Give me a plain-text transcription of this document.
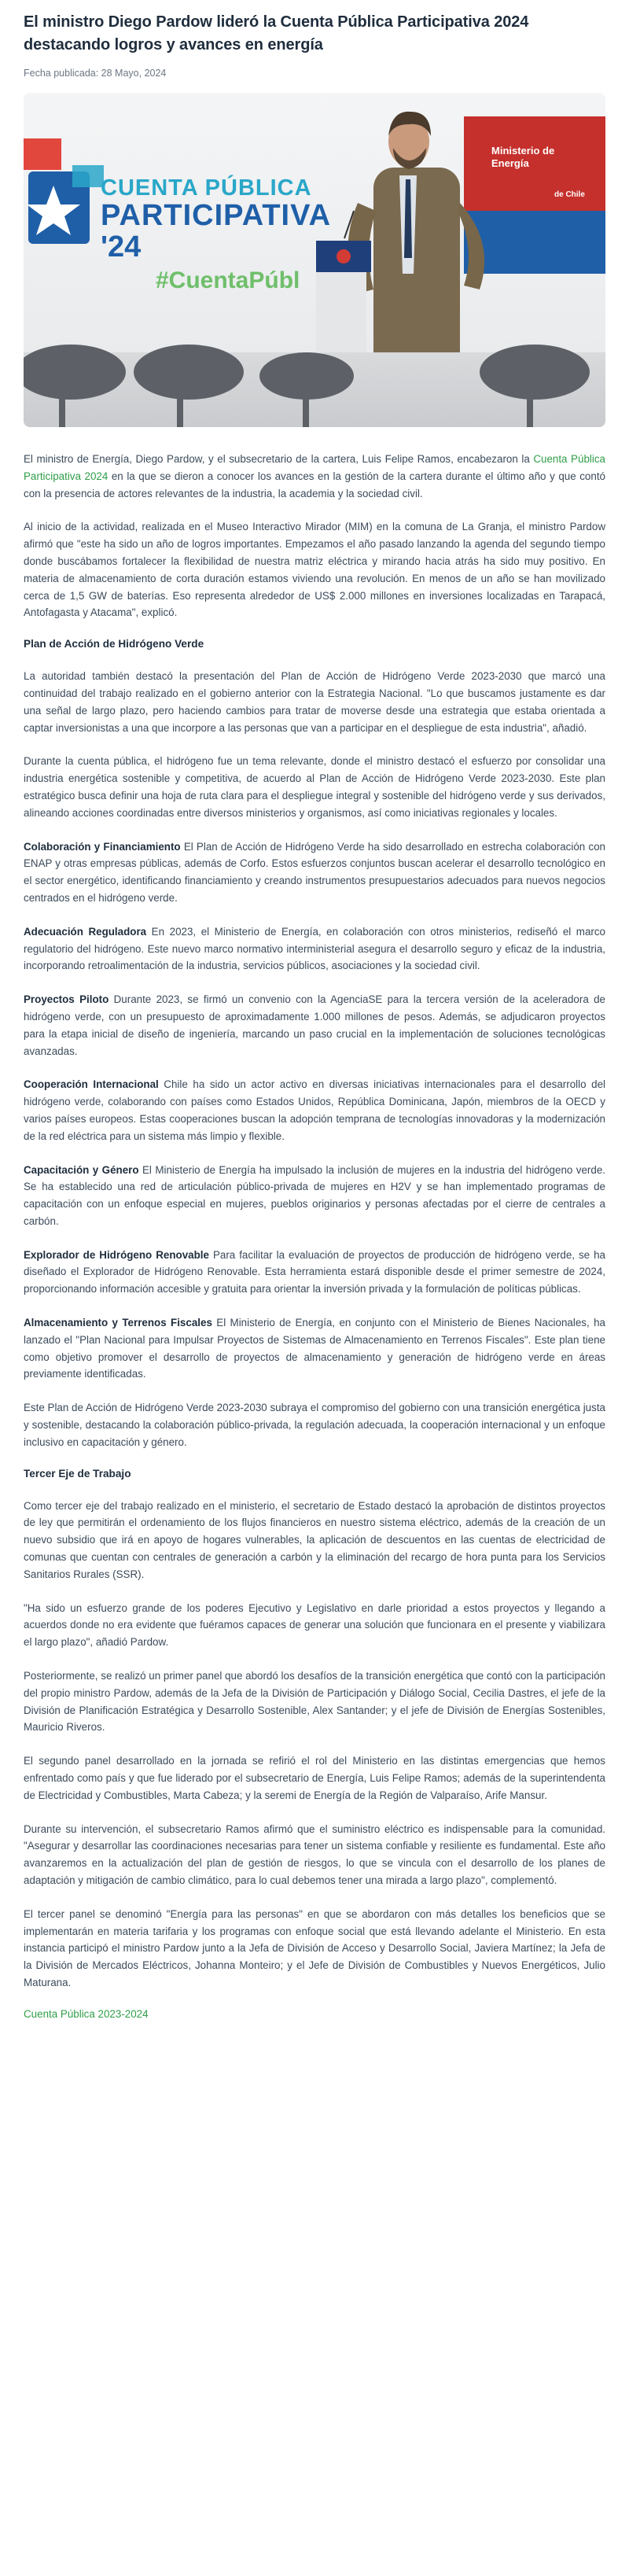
El ministro Diego Pardow lideró la Cuenta Pública Participativa 2024 destacando logros y avances en energía
Fecha publicada: 28 Mayo, 2024
CUENTA PÚBLICA
PARTICIPATIVA
'24
#CuentaPúbl
Ministerio de
Energía
de Chile

El ministro de Energía, Diego Pardow, y el subsecretario de la cartera, Luis Felipe Ramos, encabezaron la Cuenta Pública Participativa 2024 en la que se dieron a conocer los avances en la gestión de la cartera durante el último año y que contó con la presencia de actores relevantes de la industria, la academia y la sociedad civil.

Al inicio de la actividad, realizada en el Museo Interactivo Mirador (MIM) en la comuna de La Granja, el ministro Pardow afirmó que "este ha sido un año de logros importantes. Empezamos el año pasado lanzando la agenda del segundo tiempo donde buscábamos fortalecer la flexibilidad de nuestra matriz eléctrica y mirando hacia atrás ha sido muy positivo. En materia de almacenamiento de corta duración estamos viviendo una revolución. En menos de un año se han movilizado cerca de 1,5 GW de baterías. Eso representa alrededor de US$ 2.000 millones en inversiones localizadas en Tarapacá, Antofagasta y Atacama", explicó.

Plan de Acción de Hidrógeno Verde

La autoridad también destacó la presentación del Plan de Acción de Hidrógeno Verde 2023-2030 que marcó una continuidad del trabajo realizado en el gobierno anterior con la Estrategia Nacional. "Lo que buscamos justamente es dar una señal de largo plazo, pero haciendo cambios para tratar de moverse desde una estrategia que estaba orientada a captar inversionistas a una que incorpore a las personas que van a participar en el despliegue de esta industria", añadió.

Durante la cuenta pública, el hidrógeno fue un tema relevante, donde el ministro destacó el esfuerzo por consolidar una industria energética sostenible y competitiva, de acuerdo al Plan de Acción de Hidrógeno Verde 2023-2030. Este plan estratégico busca definir una hoja de ruta clara para el despliegue integral y sostenible del hidrógeno verde y sus derivados, alineando acciones coordinadas entre diversos ministerios y organismos, así como iniciativas regionales y locales.

Colaboración y Financiamiento El Plan de Acción de Hidrógeno Verde ha sido desarrollado en estrecha colaboración con ENAP y otras empresas públicas, además de Corfo. Estos esfuerzos conjuntos buscan acelerar el desarrollo tecnológico en el sector energético, identificando financiamiento y creando instrumentos presupuestarios adecuados para nuevos negocios centrados en el hidrógeno verde.

Adecuación Reguladora En 2023, el Ministerio de Energía, en colaboración con otros ministerios, rediseñó el marco regulatorio del hidrógeno. Este nuevo marco normativo interministerial asegura el desarrollo seguro y eficaz de la industria, incorporando retroalimentación de la industria, servicios públicos, asociaciones y la sociedad civil.

Proyectos Piloto Durante 2023, se firmó un convenio con la AgenciaSE para la tercera versión de la aceleradora de hidrógeno verde, con un presupuesto de aproximadamente 1.000 millones de pesos. Además, se adjudicaron proyectos para la etapa inicial de diseño de ingeniería, marcando un paso crucial en la implementación de soluciones tecnológicas avanzadas.

Cooperación Internacional Chile ha sido un actor activo en diversas iniciativas internacionales para el desarrollo del hidrógeno verde, colaborando con países como Estados Unidos, República Dominicana, Japón, miembros de la OECD y varios países europeos. Estas cooperaciones buscan la adopción temprana de tecnologías innovadoras y la modernización de la red eléctrica para un sistema más limpio y flexible.

Capacitación y Género El Ministerio de Energía ha impulsado la inclusión de mujeres en la industria del hidrógeno verde. Se ha establecido una red de articulación público-privada de mujeres en H2V y se han implementado programas de capacitación con un enfoque especial en mujeres, pueblos originarios y personas afectadas por el cierre de centrales a carbón.

Explorador de Hidrógeno Renovable Para facilitar la evaluación de proyectos de producción de hidrógeno verde, se ha diseñado el Explorador de Hidrógeno Renovable. Esta herramienta estará disponible desde el primer semestre de 2024, proporcionando información accesible y gratuita para orientar la inversión privada y la formulación de políticas públicas.

Almacenamiento y Terrenos Fiscales El Ministerio de Energía, en conjunto con el Ministerio de Bienes Nacionales, ha lanzado el "Plan Nacional para Impulsar Proyectos de Sistemas de Almacenamiento en Terrenos Fiscales". Este plan tiene como objetivo promover el desarrollo de proyectos de almacenamiento y generación de hidrógeno verde en áreas previamente identificadas.

Este Plan de Acción de Hidrógeno Verde 2023-2030 subraya el compromiso del gobierno con una transición energética justa y sostenible, destacando la colaboración público-privada, la regulación adecuada, la cooperación internacional y un enfoque inclusivo en capacitación y género.

Tercer Eje de Trabajo

Como tercer eje del trabajo realizado en el ministerio, el secretario de Estado destacó la aprobación de distintos proyectos de ley que permitirán el ordenamiento de los flujos financieros en nuestro sistema eléctrico, además de la creación de un nuevo subsidio que irá en apoyo de hogares vulnerables, la aplicación de descuentos en las cuentas de electricidad de comunas que cuentan con centrales de generación a carbón y la eliminación del recargo de hora punta para los Servicios Sanitarios Rurales (SSR).

"Ha sido un esfuerzo grande de los poderes Ejecutivo y Legislativo en darle prioridad a estos proyectos y llegando a acuerdos donde no era evidente que fuéramos capaces de generar una solución que funcionara en el presente y viabilizara el largo plazo", añadió Pardow.

Posteriormente, se realizó un primer panel que abordó los desafíos de la transición energética que contó con la participación del propio ministro Pardow, además de la Jefa de la División de Participación y Diálogo Social, Cecilia Dastres, el jefe de la División de Planificación Estratégica y Desarrollo Sostenible, Alex Santander; y el jefe de División de Energías Sostenibles, Mauricio Riveros.

El segundo panel desarrollado en la jornada se refirió el rol del Ministerio en las distintas emergencias que hemos enfrentado como país y que fue liderado por el subsecretario de Energía, Luis Felipe Ramos; además de la superintendenta de Electricidad y Combustibles, Marta Cabeza; y la seremi de Energía de la Región de Valparaíso, Arife Mansur.

Durante su intervención, el subsecretario Ramos afirmó que el suministro eléctrico es indispensable para la comunidad. "Asegurar y desarrollar las coordinaciones necesarias para tener un sistema confiable y resiliente es fundamental. Este año avanzaremos en la actualización del plan de gestión de riesgos, lo que se vincula con el desarrollo de los planes de adaptación y mitigación de cambio climático, para lo cual debemos tener una mirada a largo plazo", complementó.

El tercer panel se denominó "Energía para las personas" en que se abordaron con más detalles los beneficios que se implementarán en materia tarifaria y los programas con enfoque social que está llevando adelante el Ministerio. En esta instancia participó el ministro Pardow junto a la Jefa de División de Acceso y Desarrollo Social, Javiera Martínez; la Jefa de la División de Mercados Eléctricos, Johanna Monteiro; y el Jefe de División de Combustibles y Nuevos Energéticos, Julio Maturana.

Cuenta Pública 2023-2024
